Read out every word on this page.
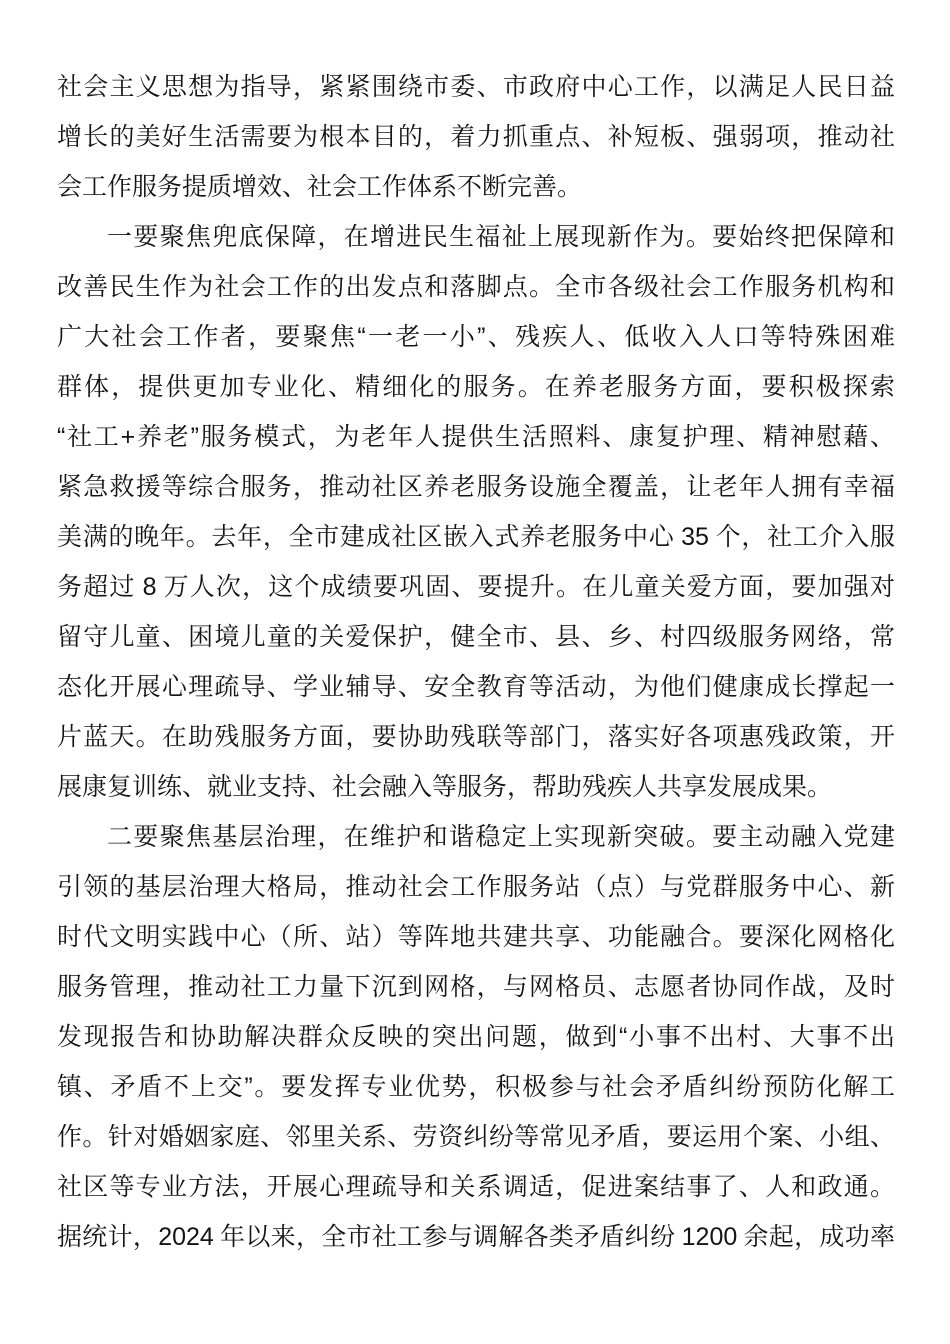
社会主义思想为指导，紧紧围绕市委、市政府中心工作，以满足人民日益
增长的美好生活需要为根本目的，着力抓重点、补短板、强弱项，推动社
会工作服务提质增效、社会工作体系不断完善。
一要聚焦兜底保障，在增进民生福祉上展现新作为。要始终把保障和
改善民生作为社会工作的出发点和落脚点。全市各级社会工作服务机构和
广大社会工作者，要聚焦“一老一小”、残疾人、低收入人口等特殊困难
群体，提供更加专业化、精细化的服务。在养老服务方面，要积极探索
“社工+养老”服务模式，为老年人提供生活照料、康复护理、精神慰藉、
紧急救援等综合服务，推动社区养老服务设施全覆盖，让老年人拥有幸福
美满的晚年。去年，全市建成社区嵌入式养老服务中心 35 个，社工介入服
务超过 8 万人次，这个成绩要巩固、要提升。在儿童关爱方面，要加强对
留守儿童、困境儿童的关爱保护，健全市、县、乡、村四级服务网络，常
态化开展心理疏导、学业辅导、安全教育等活动，为他们健康成长撑起一
片蓝天。在助残服务方面，要协助残联等部门，落实好各项惠残政策，开
展康复训练、就业支持、社会融入等服务，帮助残疾人共享发展成果。
二要聚焦基层治理，在维护和谐稳定上实现新突破。要主动融入党建
引领的基层治理大格局，推动社会工作服务站（点）与党群服务中心、新
时代文明实践中心（所、站）等阵地共建共享、功能融合。要深化网格化
服务管理，推动社工力量下沉到网格，与网格员、志愿者协同作战，及时
发现报告和协助解决群众反映的突出问题，做到“小事不出村、大事不出
镇、矛盾不上交”。要发挥专业优势，积极参与社会矛盾纠纷预防化解工
作。针对婚姻家庭、邻里关系、劳资纠纷等常见矛盾，要运用个案、小组、
社区等专业方法，开展心理疏导和关系调适，促进案结事了、人和政通。
据统计，2024 年以来，全市社工参与调解各类矛盾纠纷 1200 余起，成功率
